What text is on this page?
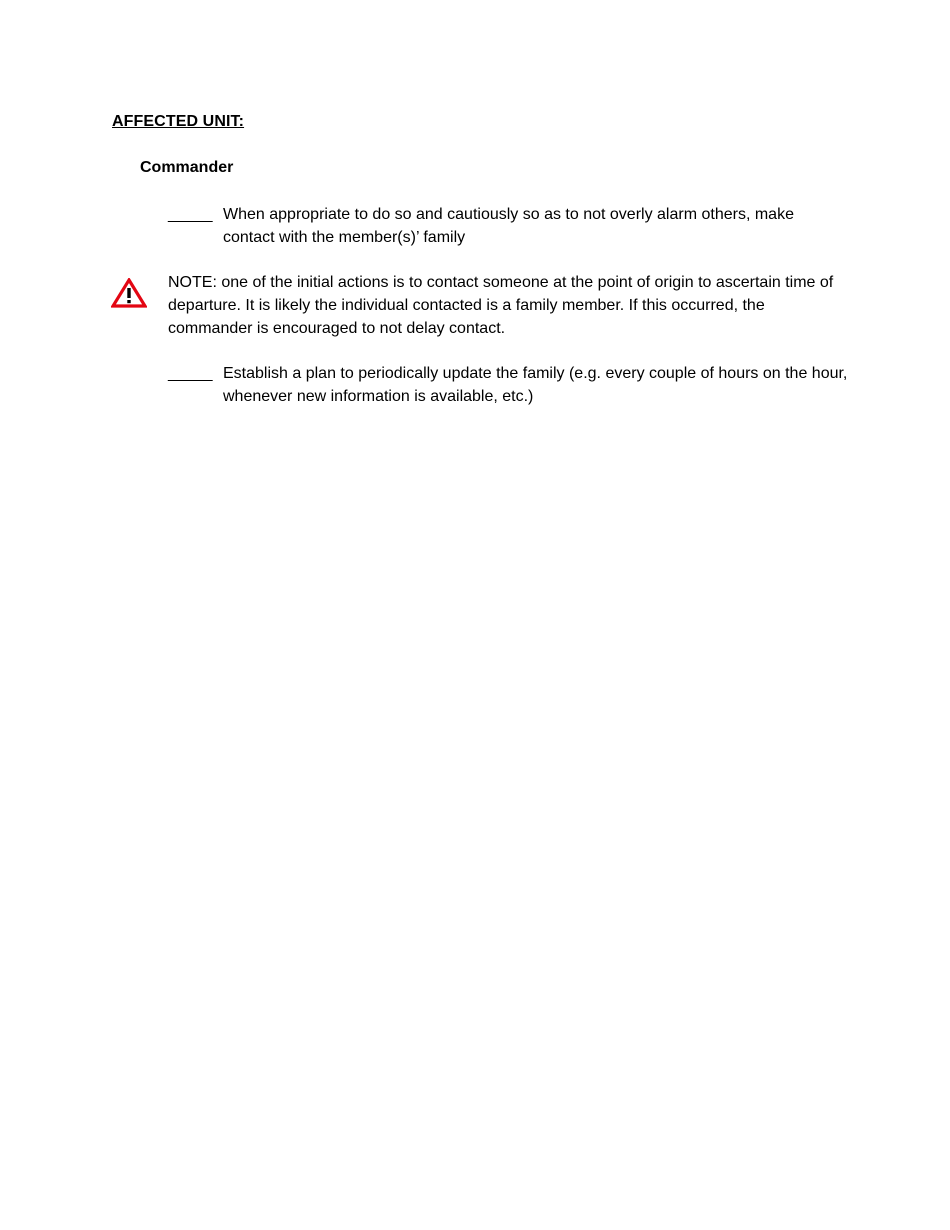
AFFECTED UNIT:
Commander
_____ When appropriate to do so and cautiously so as to not overly alarm others, make contact with the member(s)’ family
NOTE: one of the initial actions is to contact someone at the point of origin to ascertain time of departure. It is likely the individual contacted is a family member. If this occurred, the commander is encouraged to not delay contact.
_____ Establish a plan to periodically update the family (e.g. every couple of hours on the hour, whenever new information is available, etc.)
